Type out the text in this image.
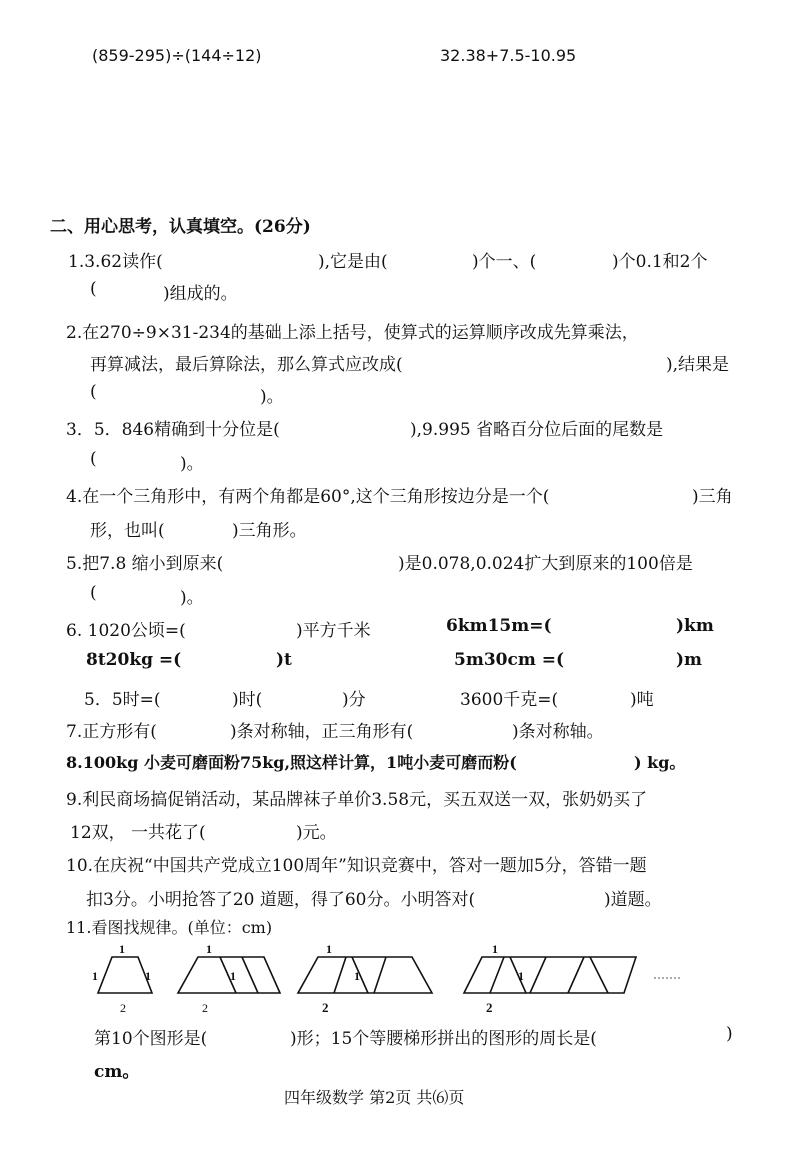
(859-295)÷(144÷12)	32.38+7.5-10.95
二、用心思考，认真填空。(26分)
1.3.62读作(	),它是由(	)个一、(	)个0.1和2个
(	)组成的。
2.在270÷9×31-234的基础上添上括号，使算式的运算顺序改成先算乘法，
再算减法，最后算除法，那么算式应改成(	),结果是
(	)。
3．5．846精确到十分位是(	),9.995 省略百分位后面的尾数是
(	)。
4.在一个三角形中，有两个角都是60°,这个三角形按边分是一个(	)三角
形，也叫(	)三角形。
5.把7.8 缩小到原来(	)是0.078,0.024扩大到原来的100倍是
(	)。
6. 1020公顷=(	)平方千米	6km15m=(	)km
8t20kg =(	)t	5m30cm =(	)m
5．5时=(	)时(	)分	3600千克=(	)吨
7.正方形有(	)条对称轴，正三角形有(	)条对称轴。
8.100kg 小麦可磨面粉75kg,照这样计算，1吨小麦可磨而粉(	) kg。
9.利民商场搞促销活动，某品牌袜子单价3.58元，买五双送一双，张奶奶买了
12双， 一共花了(	)元。
10.在庆祝“中国共产党成立100周年”知识竞赛中，答对一题加5分，答错一题
扣3分。小明抢答了20 道题，得了60分。小明答对(	)道题。
11.看图找规律。(单位：cm)
1
1	1
2
1
1
2
1
1
2
1
1
2
第10个图形是(	)形；15个等腰梯形拼出的图形的周长是(	)
cm。
四年级数学 第2页 共⑹页
